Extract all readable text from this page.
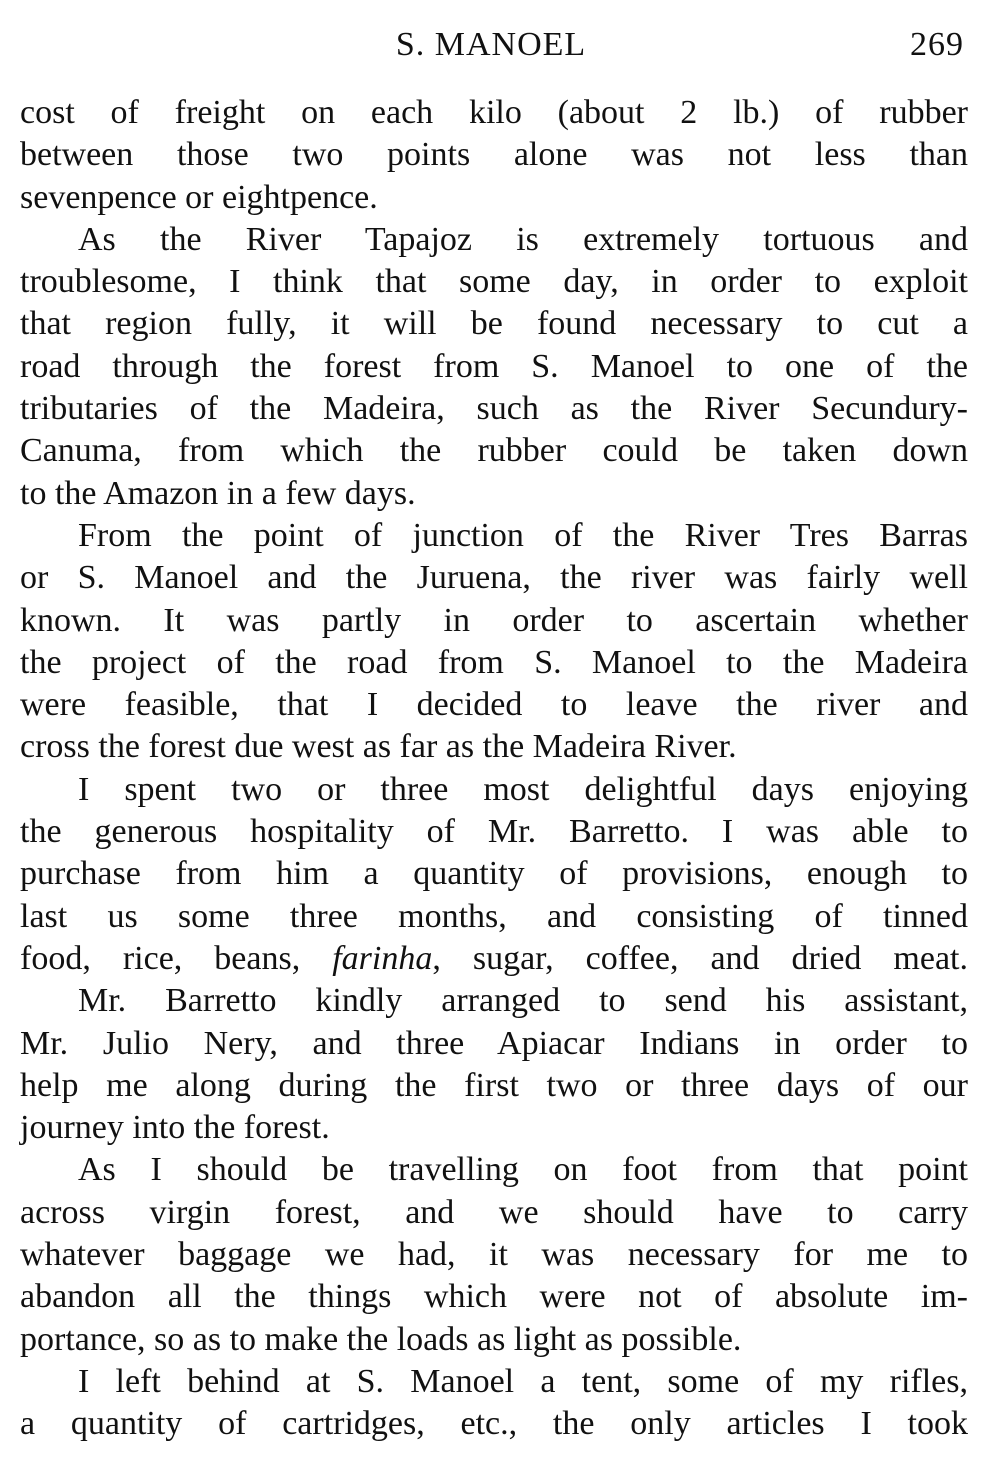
S. MANOEL	269
cost of freight on each kilo (about 2 lb.) of rubber
between those two points alone was not less than
sevenpence or eightpence.
As the River Tapajoz is extremely tortuous and
troublesome, I think that some day, in order to exploit
that region fully, it will be found necessary to cut a
road through the forest from S. Manoel to one of the
tributaries of the Madeira, such as the River Secundury-
Canuma, from which the rubber could be taken down
to the Amazon in a few days.
From the point of junction of the River Tres Barras
or S. Manoel and the Juruena, the river was fairly well
known. It was partly in order to ascertain whether
the project of the road from S. Manoel to the Madeira
were feasible, that I decided to leave the river and
cross the forest due west as far as the Madeira River.
I spent two or three most delightful days enjoying
the generous hospitality of Mr. Barretto. I was able to
purchase from him a quantity of provisions, enough to
last us some three months, and consisting of tinned
food, rice, beans, farinha, sugar, coffee, and dried meat.
Mr. Barretto kindly arranged to send his assistant,
Mr. Julio Nery, and three Apiacar Indians in order to
help me along during the first two or three days of our
journey into the forest.
As I should be travelling on foot from that point
across virgin forest, and we should have to carry
whatever baggage we had, it was necessary for me to
abandon all the things which were not of absolute im-
portance, so as to make the loads as light as possible.
I left behind at S. Manoel a tent, some of my rifles,
a quantity of cartridges, etc., the only articles I took
